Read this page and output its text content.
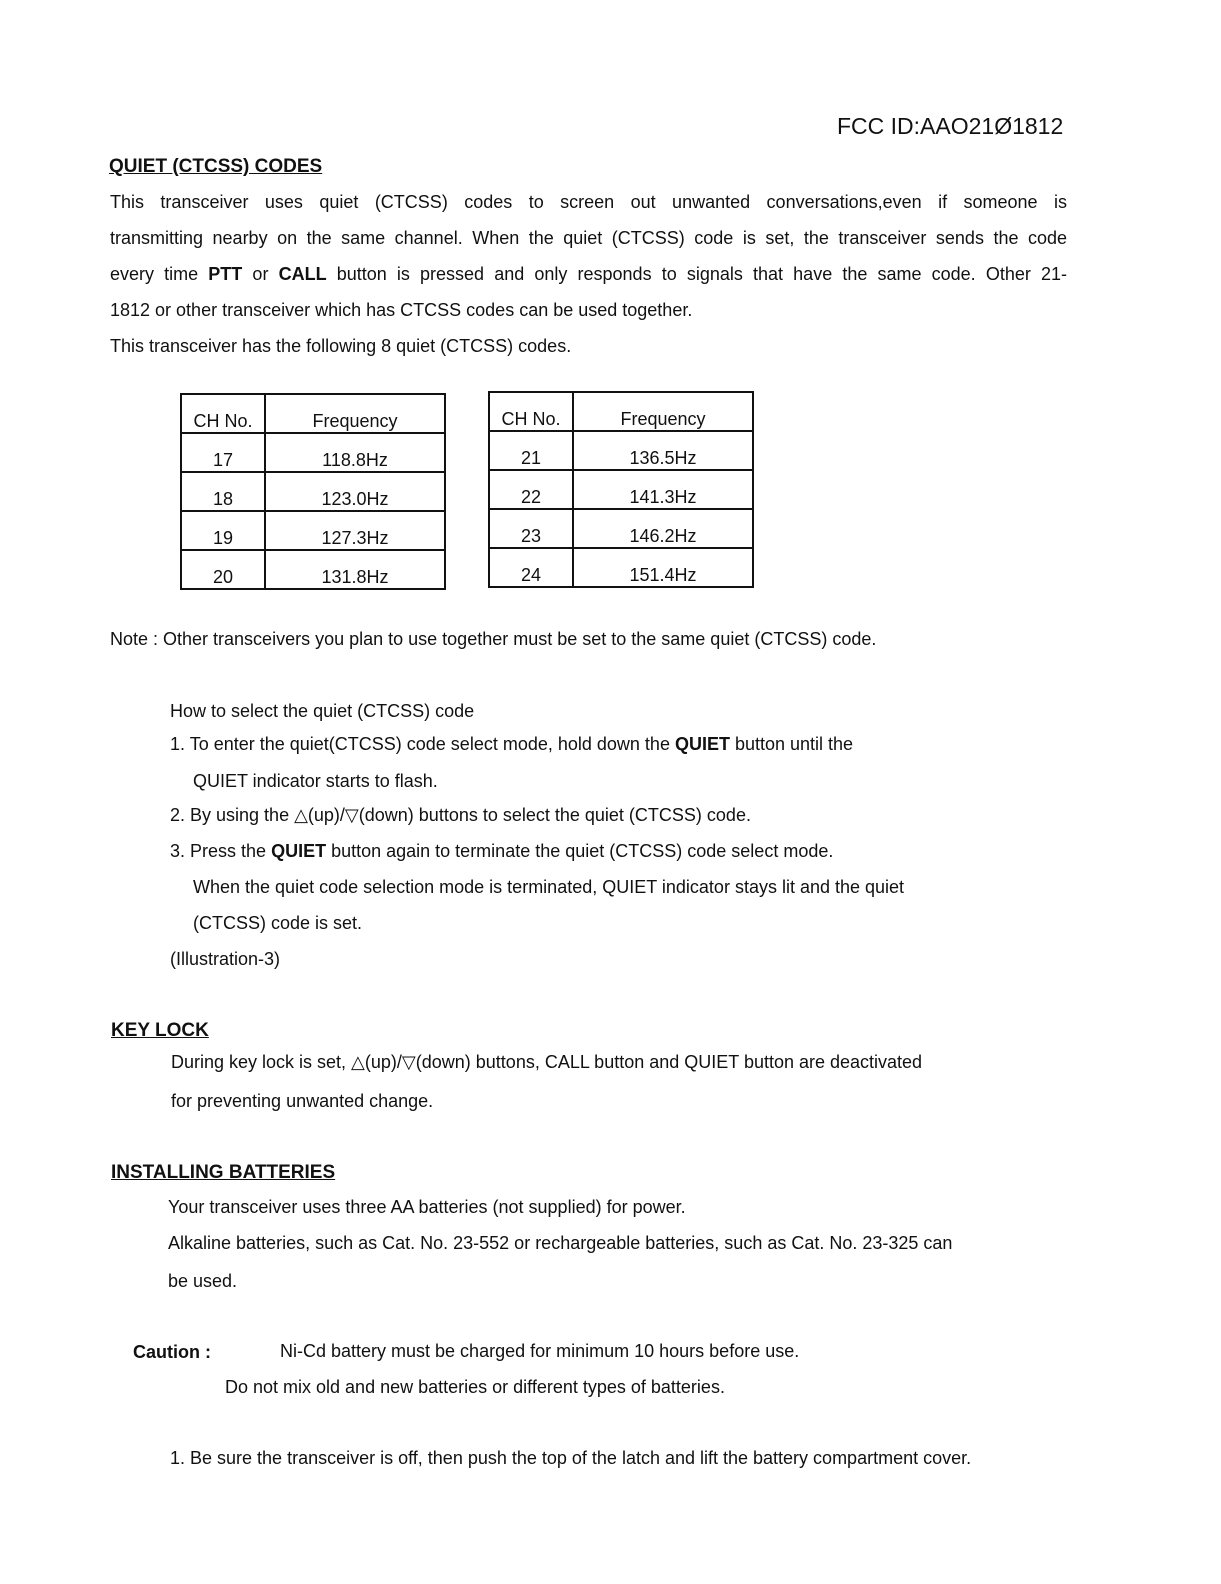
FCC ID:AAO21Ø1812
QUIET (CTCSS) CODES
This transceiver uses quiet (CTCSS) codes to screen out unwanted conversations,even if someone is
transmitting nearby on the same channel. When the quiet (CTCSS) code is set, the transceiver sends the code
every time PTT or CALL button is pressed and only responds to signals that have the same code. Other 21-
1812 or other transceiver which has CTCSS codes can be used together.
This transceiver has the following 8 quiet (CTCSS) codes.
CH No.	Frequency
17	118.8Hz
18	123.0Hz
19	127.3Hz
20	131.8Hz
CH No.	Frequency
21	136.5Hz
22	141.3Hz
23	146.2Hz
24	151.4Hz
Note : Other transceivers you plan to use together must be set to the same quiet (CTCSS) code.
How to select the quiet (CTCSS) code
1. To enter the quiet(CTCSS) code select mode, hold down the QUIET button until the
QUIET indicator starts to flash.
2. By using the △(up)/▽(down) buttons to select the quiet (CTCSS) code.
3. Press the QUIET button again to terminate the quiet (CTCSS) code select mode.
When the quiet code selection mode is terminated, QUIET indicator stays lit and the quiet
(CTCSS) code is set.
(Illustration-3)
KEY LOCK
During key lock is set, △(up)/▽(down) buttons, CALL button and QUIET button are deactivated
for preventing unwanted change.
INSTALLING BATTERIES
Your transceiver uses three AA batteries (not supplied) for power.
Alkaline batteries, such as Cat. No. 23-552 or rechargeable batteries, such as Cat. No. 23-325 can
be used.
Caution :	Ni-Cd battery must be charged for minimum 10 hours before use.
Do not mix old and new batteries or different types of batteries.
1. Be sure the transceiver is off, then push the top of the latch and lift the battery compartment cover.
